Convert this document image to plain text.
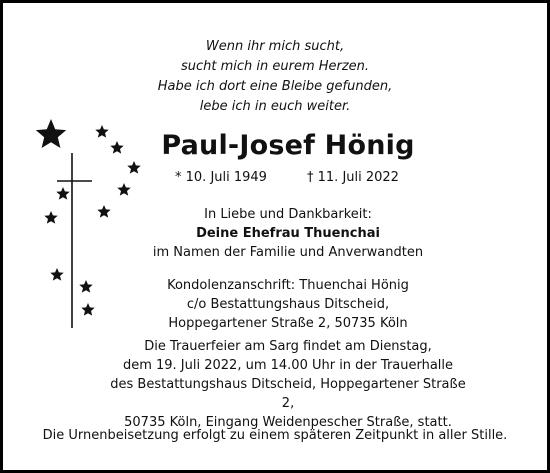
Wenn ihr mich sucht,
sucht mich in eurem Herzen.
Habe ich dort eine Bleibe gefunden,
lebe ich in euch weiter.
Paul-Josef Hönig
* 10. Juli 1949	† 11. Juli 2022
In Liebe und Dankbarkeit:
Deine Ehefrau Thuenchai
im Namen der Familie und Anverwandten
Kondolenzanschrift: Thuenchai Hönig
c/o Bestattungshaus Ditscheid,
Hoppegartener Straße 2, 50735 Köln
Die Trauerfeier am Sarg findet am Dienstag,
dem 19. Juli 2022, um 14.00 Uhr in der Trauerhalle
des Bestattungshaus Ditscheid, Hoppegartener Straße 2,
50735 Köln, Eingang Weidenpescher Straße, statt.
Die Urnenbeisetzung erfolgt zu einem späteren Zeitpunkt in aller Stille.
